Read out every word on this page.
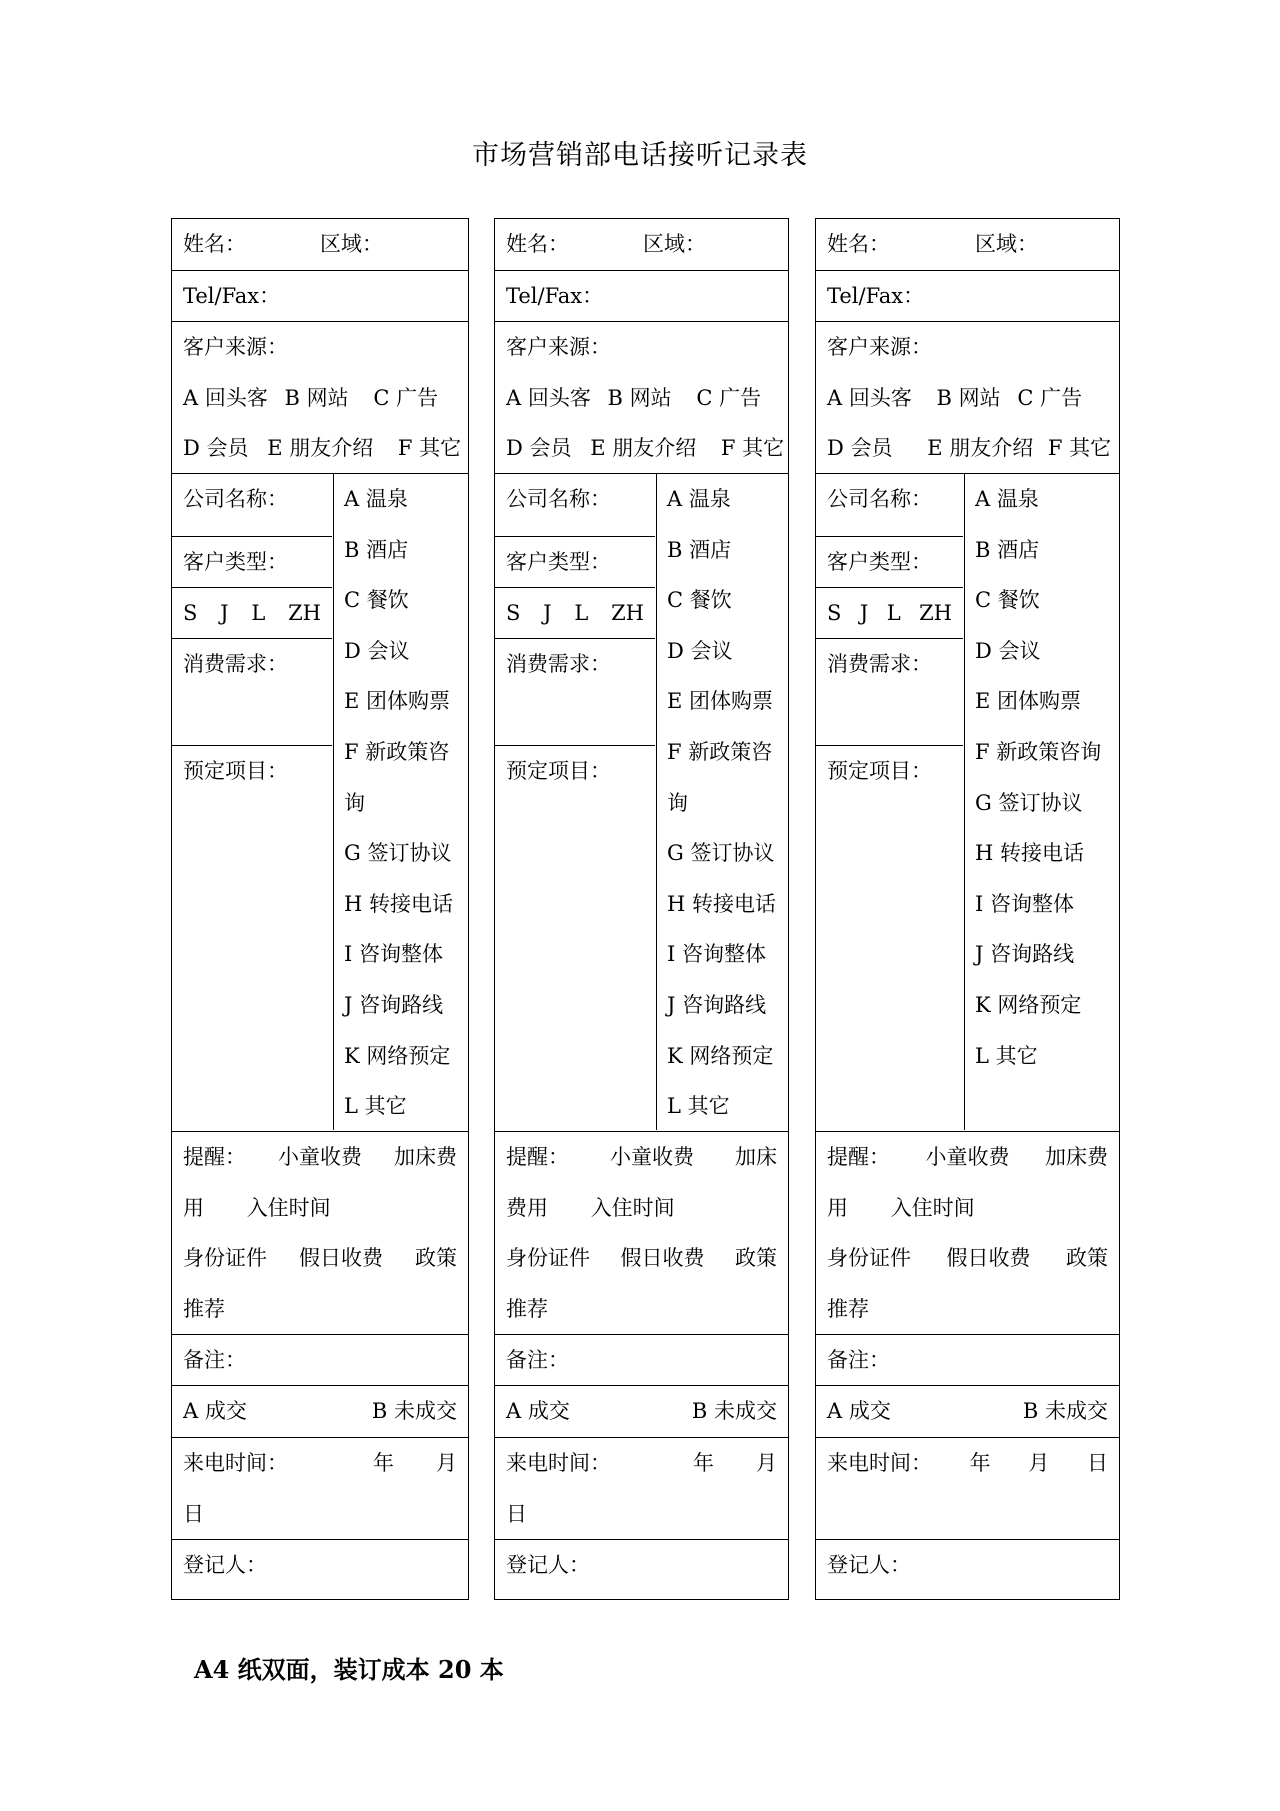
市场营销部电话接听记录表
姓名：	区域：
Tel/Fax：
客户来源：
A 回头客 B 网站 C 广告
D 会员 E 朋友介绍 F 其它
公司名称：
客户类型：
S J L ZH
消费需求：
预定项目：
A 温泉
B 酒店
C 餐饮
D 会议
E 团体购票
F 新政策咨
询
G 签订协议
H 转接电话
I 咨询整体
J 咨询路线
K 网络预定
L 其它
提醒： 小童收费 加床费
用 入住时间
身份证件 假日收费 政策
推荐
备注：
A 成交	B 未成交
来电时间：	年 月
日
登记人：
姓名：	区域：
Tel/Fax：
客户来源：
A 回头客 B 网站 C 广告
D 会员 E 朋友介绍 F 其它
公司名称：
客户类型：
S J L ZH
消费需求：
预定项目：
A 温泉
B 酒店
C 餐饮
D 会议
E 团体购票
F 新政策咨
询
G 签订协议
H 转接电话
I 咨询整体
J 咨询路线
K 网络预定
L 其它
提醒： 小童收费 加床
费用 入住时间
身份证件 假日收费 政策
推荐
备注：
A 成交	B 未成交
来电时间：	年 月
日
登记人：
姓名：	区域：
Tel/Fax：
客户来源：
A 回头客 B 网站 C 广告
D 会员 E 朋友介绍 F 其它
公司名称：
客户类型：
S J L ZH
消费需求：
预定项目：
A 温泉
B 酒店
C 餐饮
D 会议
E 团体购票
F 新政策咨询
G 签订协议
H 转接电话
I 咨询整体
J 咨询路线
K 网络预定
L 其它
提醒： 小童收费 加床费
用 入住时间
身份证件 假日收费 政策
推荐
备注：
A 成交	B 未成交
来电时间： 年 月 日
登记人：
A4 纸双面，装订成本 20 本
